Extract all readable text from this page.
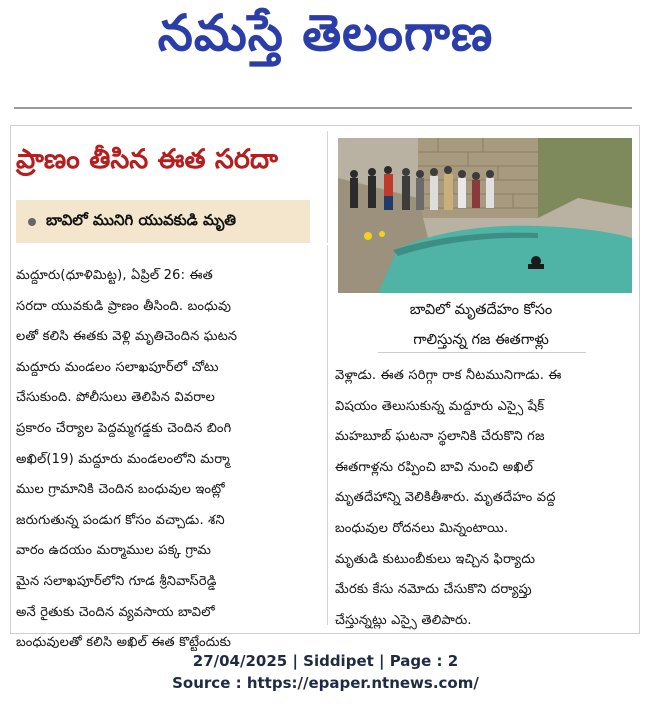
నమస్తే తెలంగాణ
ప్రాణం తీసిన ఈత సరదా
బావిలో మునిగి యువకుడి మృతి
బావిలో మృతదేహం కోసం
గాలిస్తున్న గజ ఈతగాళ్లు
మద్దూరు(ధూళిమిట్ట), ఏప్రిల్ 26: ఈత
సరదా యువకుడి ప్రాణం తీసింది. బంధువు
లతో కలిసి ఈతకు వెళ్లి మృతిచెందిన ఘటన
మద్దూరు మండలం సలాఖపూర్‌లో చోటు
చేసుకుంది. పోలీసులు తెలిపిన వివరాల
ప్రకారం చేర్యాల పెద్దమ్మగడ్డకు చెందిన బింగి
అఖిల్(19) మద్దూరు మండలంలోని మర్మా
ముల గ్రామానికి చెందిన బంధువుల ఇంట్లో
జరుగుతున్న పండుగ కోసం వచ్చాడు. శని
వారం ఉదయం మర్మాముల పక్క గ్రామ
మైన సలాఖపూర్‌లోని గూడ శ్రీనివాస్‌రెడ్డి
అనే రైతుకు చెందిన వ్యవసాయ బావిలో
బంధువులతో కలిసి అఖిల్ ఈత కొట్టేందుకు
వెళ్లాడు. ఈత సరిగ్గా రాక నీటమునిగాడు. ఈ
విషయం తెలుసుకున్న మద్దూరు ఎస్సై షేక్
మహబూబ్ ఘటనా స్థలానికి చేరుకొని గజ
ఈతగాళ్లను రప్పించి బావి నుంచి అఖిల్
మృతదేహాన్ని వెలికితీశారు. మృతదేహం వద్ద
బంధువుల రోదనలు మిన్నంటాయి.
మృతుడి కుటుంబీకులు ఇచ్చిన ఫిర్యాదు
మేరకు కేసు నమోదు చేసుకొని దర్యాప్తు
చేస్తున్నట్లు ఎస్సై తెలిపారు.
27/04/2025 | Siddipet | Page : 2
Source : https://epaper.ntnews.com/
